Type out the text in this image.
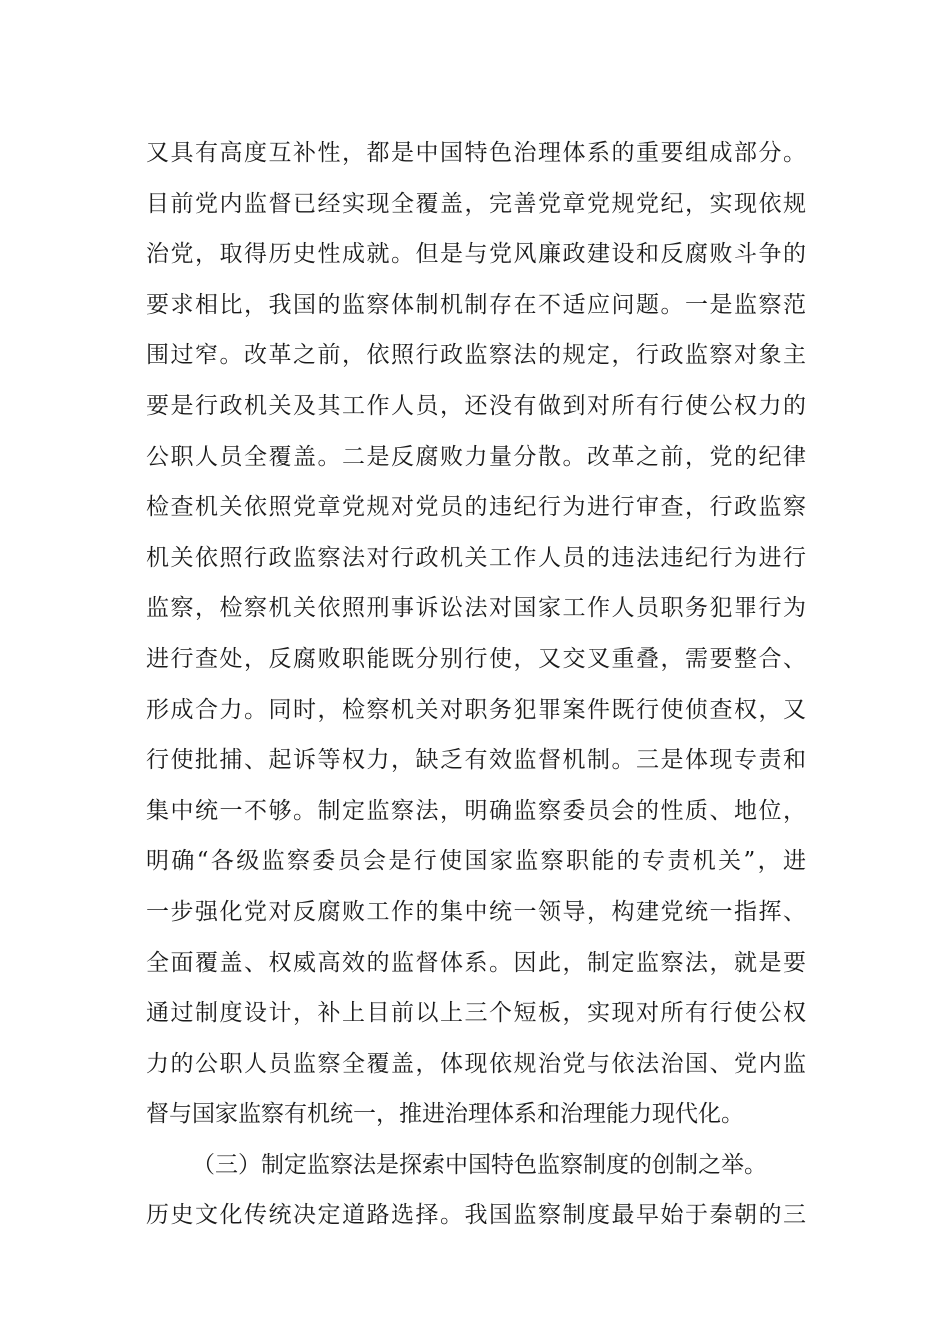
又具有高度互补性，都是中国特色治理体系的重要组成部分。
目前党内监督已经实现全覆盖，完善党章党规党纪，实现依规
治党，取得历史性成就。但是与党风廉政建设和反腐败斗争的
要求相比，我国的监察体制机制存在不适应问题。一是监察范
围过窄。改革之前，依照行政监察法的规定，行政监察对象主
要是行政机关及其工作人员，还没有做到对所有行使公权力的
公职人员全覆盖。二是反腐败力量分散。改革之前，党的纪律
检查机关依照党章党规对党员的违纪行为进行审查，行政监察
机关依照行政监察法对行政机关工作人员的违法违纪行为进行
监察，检察机关依照刑事诉讼法对国家工作人员职务犯罪行为
进行查处，反腐败职能既分别行使，又交叉重叠，需要整合、
形成合力。同时，检察机关对职务犯罪案件既行使侦查权，又
行使批捕、起诉等权力，缺乏有效监督机制。三是体现专责和
集中统一不够。制定监察法，明确监察委员会的性质、地位，
明确“各级监察委员会是行使国家监察职能的专责机关”，进
一步强化党对反腐败工作的集中统一领导，构建党统一指挥、
全面覆盖、权威高效的监督体系。因此，制定监察法，就是要
通过制度设计，补上目前以上三个短板，实现对所有行使公权
力的公职人员监察全覆盖，体现依规治党与依法治国、党内监
督与国家监察有机统一，推进治理体系和治理能力现代化。
（三）制定监察法是探索中国特色监察制度的创制之举。
历史文化传统决定道路选择。我国监察制度最早始于秦朝的三
